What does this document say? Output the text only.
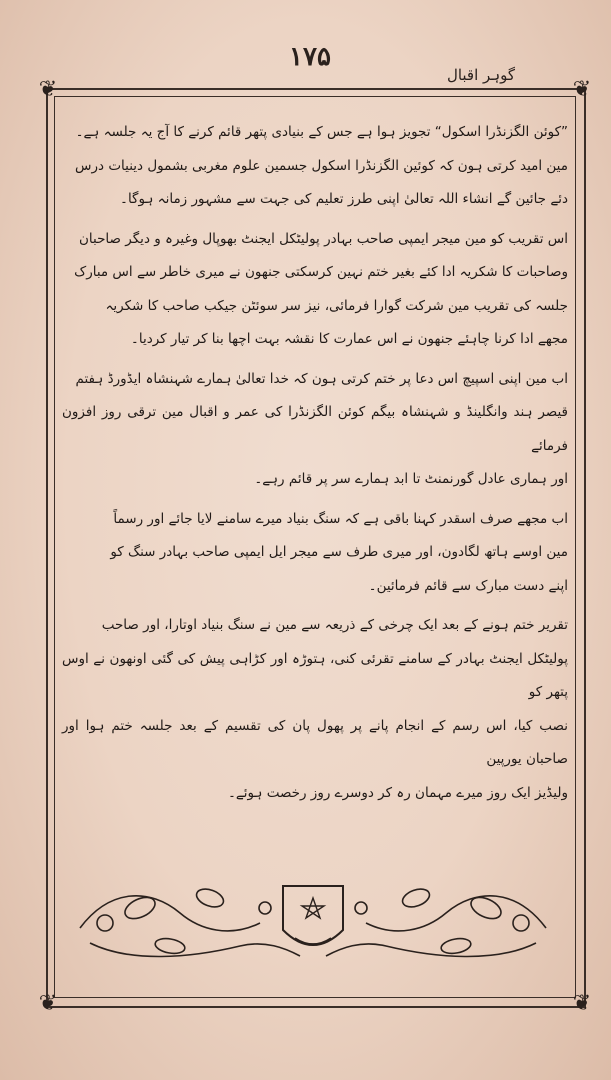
۱۷۵
گوہر اقبال
❦	❦
❦	❦

”کوئن الگزنڈرا اسکول“ تجویز ہوا ہے جس کے بنیادی پتھر قائم کرنے کا آج یہ جلسہ ہے۔

مین امید کرتی ہون کہ کوئین الگزنڈرا اسکول جسمین علوم مغربی بشمول دینیات درس

دئے جائین گے انشاء اللہ تعالیٰ اپنی طرز تعلیم کی جہت سے مشہور زمانہ ہوگا۔

اس تقریب کو مین میجر ایمپی صاحب بہادر پولیٹکل ایجنٹ بھوپال وغیرہ و دیگر صاحبان

وصاحبات کا شکریہ ادا کئے بغیر ختم نہین کرسکتی جنھون نے میری خاطر سے اس مبارک

جلسہ کی تقریب مین شرکت گوارا فرمائی، نیز سر سوئٹن جیکب صاحب کا شکریہ

مجھے ادا کرنا چاہئے جنھون نے اس عمارت کا نقشہ بہت اچھا بنا کر تیار کردیا۔

اب مین اپنی اسپیچ اس دعا پر ختم کرتی ہون کہ خدا تعالیٰ ہمارے شہنشاہ ایڈورڈ ہفتم

قیصر ہند وانگلینڈ و شہنشاہ بیگم کوئن الگزنڈرا کی عمر و اقبال مین ترقی روز افزون فرمائے

اور ہماری عادل گورنمنٹ تا ابد ہمارے سر پر قائم رہے۔

اب مجھے صرف اسقدر کہنا باقی ہے کہ سنگ بنیاد میرے سامنے لایا جائے اور رسماً

مین اوسے ہاتھ لگادون، اور میری طرف سے میجر ایل ایمپی صاحب بہادر سنگ کو

اپنے دست مبارک سے قائم فرمائین۔

تقریر ختم ہونے کے بعد ایک چرخی کے ذریعہ سے مین نے سنگ بنیاد اوتارا، اور صاحب

پولیٹکل ایجنٹ بہادر کے سامنے تقرئی کنی، ہتوڑہ اور کڑاہی پیش کی گئی اونھون نے اوس پتھر کو

نصب کیا، اس رسم کے انجام پانے پر پھول پان کی تقسیم کے بعد جلسہ ختم ہوا اور صاحبان یورپین

ولیڈیز ایک روز میرے مہمان رہ کر دوسرے روز رخصت ہوئے۔
